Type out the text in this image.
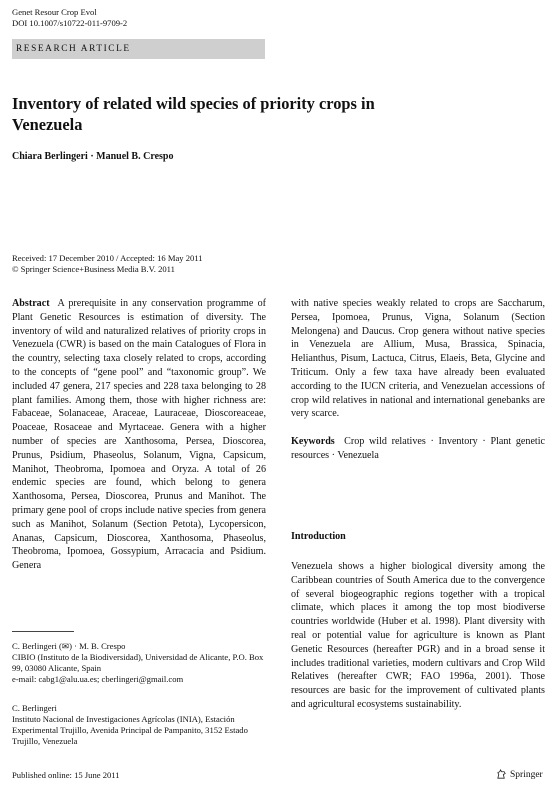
Genet Resour Crop Evol
DOI 10.1007/s10722-011-9709-2
RESEARCH ARTICLE
Inventory of related wild species of priority crops in Venezuela
Chiara Berlingeri · Manuel B. Crespo
Received: 17 December 2010 / Accepted: 16 May 2011
© Springer Science+Business Media B.V. 2011

Abstract A prerequisite in any conservation programme of Plant Genetic Resources is estimation of diversity. The inventory of wild and naturalized relatives of priority crops in Venezuela (CWR) is based on the main Catalogues of Flora in the country, selecting taxa closely related to crops, according to the concepts of “gene pool” and “taxonomic group”. We included 47 genera, 217 species and 228 taxa belonging to 28 plant families. Among them, those with higher richness are: Fabaceae, Solanaceae, Araceae, Lauraceae, Dioscoreaceae, Poaceae, Rosaceae and Myrtaceae. Genera with a higher number of species are Xanthosoma, Persea, Dioscorea, Prunus, Psidium, Phaseolus, Solanum, Vigna, Capsicum, Manihot, Theobroma, Ipomoea and Oryza. A total of 26 endemic species are found, which belong to genera Xanthosoma, Persea, Dioscorea, Prunus and Manihot. The primary gene pool of crops include native species from genera such as Manihot, Solanum (Section Petota), Lycopersicon, Ananas, Capsicum, Dioscorea, Xanthosoma, Phaseolus, Theobroma, Ipomoea, Gossypium, Arracacia and Psidium. Genera

with native species weakly related to crops are Saccharum, Persea, Ipomoea, Prunus, Vigna, Solanum (Section Melongena) and Daucus. Crop genera without native species in Venezuela are Allium, Musa, Brassica, Spinacia, Helianthus, Pisum, Lactuca, Citrus, Elaeis, Beta, Glycine and Triticum. Only a few taxa have already been evaluated according to the IUCN criteria, and Venezuelan accessions of crop wild relatives in national and international genebanks are very scarce.

Keywords Crop wild relatives · Inventory · Plant genetic resources · Venezuela

Introduction

Venezuela shows a higher biological diversity among the Caribbean countries of South America due to the convergence of several biogeographic regions together with a tropical climate, which places it among the top most biodiverse countries worldwide (Huber et al. 1998). Plant diversity with real or potential value for agriculture is known as Plant Genetic Resources (hereafter PGR) and in a broad sense it includes traditional varieties, modern cultivars and Crop Wild Relatives (hereafter CWR; FAO 1996a, 2001). Those resources are basic for the improvement of cultivated plants and agricultural ecosystems sustainability.

C. Berlingeri (✉) · M. B. Crespo
CIBIO (Instituto de la Biodiversidad), Universidad de Alicante, P.O. Box 99, 03080 Alicante, Spain
e-mail: cabg1@alu.ua.es; cberlingeri@gmail.com
C. Berlingeri
Instituto Nacional de Investigaciones Agrícolas (INIA), Estación Experimental Trujillo, Avenida Principal de Pampanito, 3152 Estado Trujillo, Venezuela
Published online: 15 June 2011	Springer
